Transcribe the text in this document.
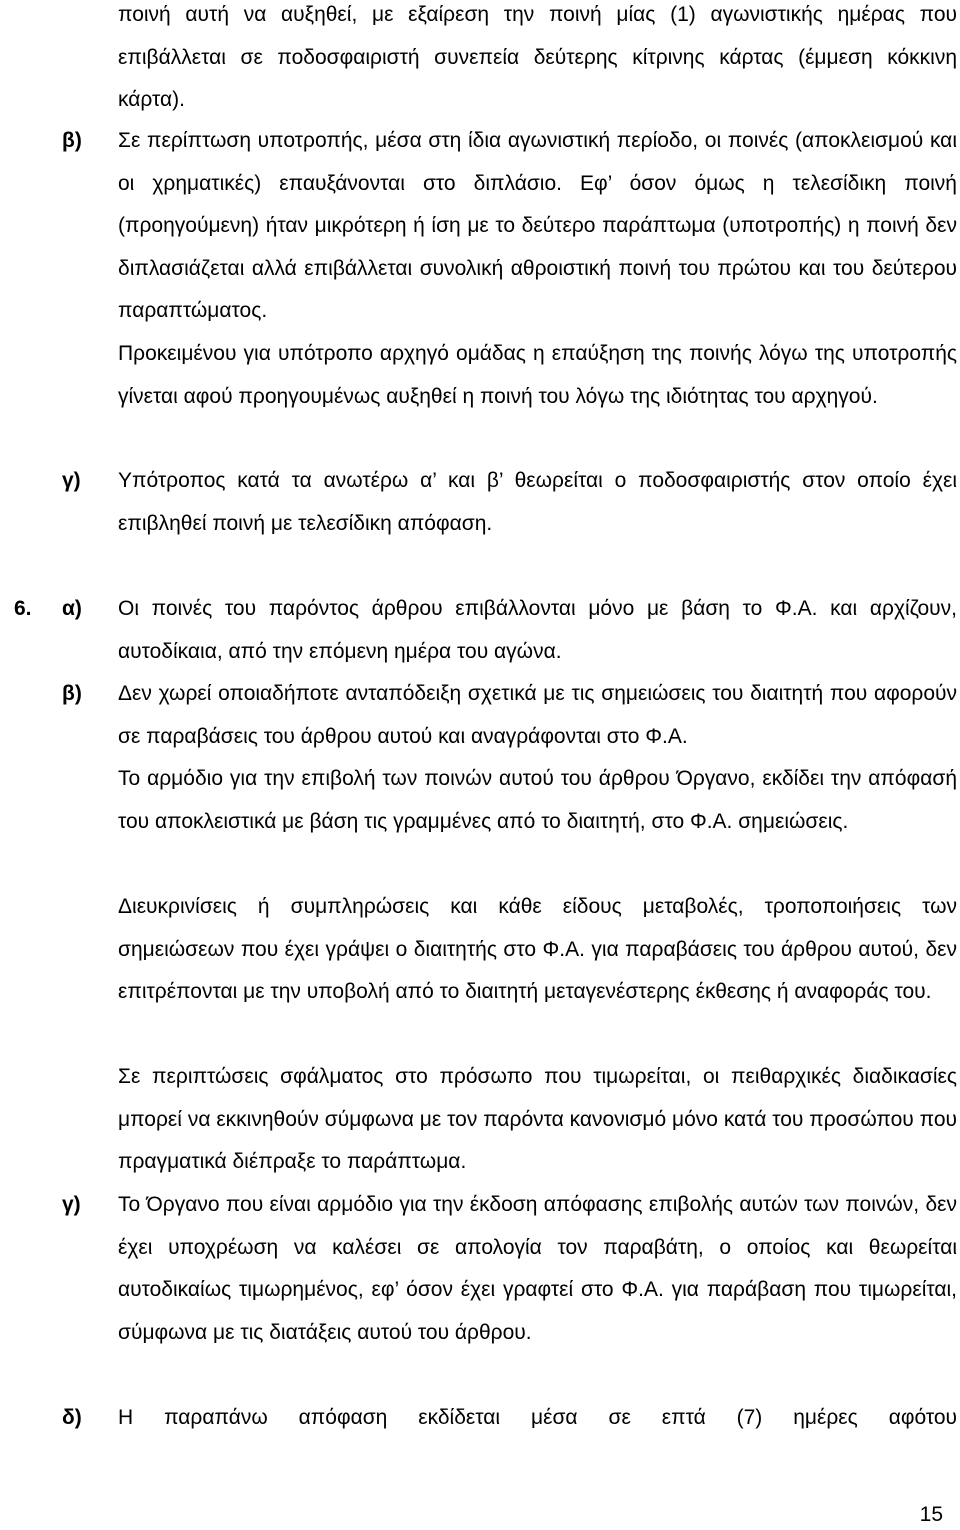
ποινή αυτή να αυξηθεί, με εξαίρεση την ποινή μίας (1) αγωνιστικής ημέρας που επιβάλλεται σε ποδοσφαιριστή συνεπεία δεύτερης κίτρινης κάρτας (έμμεση κόκκινη κάρτα).
β) Σε περίπτωση υποτροπής, μέσα στη ίδια αγωνιστική περίοδο, οι ποινές (αποκλεισμού και οι χρηματικές) επαυξάνονται στο διπλάσιο. Εφ’ όσον όμως η τελεσίδικη ποινή (προηγούμενη) ήταν μικρότερη ή ίση με το δεύτερο παράπτωμα (υποτροπής) η ποινή δεν διπλασιάζεται αλλά επιβάλλεται συνολική αθροιστική ποινή του πρώτου και του δεύτερου παραπτώματος.
Προκειμένου για υπότροπο αρχηγό ομάδας η επαύξηση της ποινής λόγω της υποτροπής γίνεται αφού προηγουμένως αυξηθεί η ποινή του λόγω της ιδιότητας του αρχηγού.
γ) Υπότροπος κατά τα ανωτέρω α’ και β’ θεωρείται ο ποδοσφαιριστής στον οποίο έχει επιβληθεί ποινή με τελεσίδικη απόφαση.
6. α) Οι ποινές του παρόντος άρθρου επιβάλλονται μόνο με βάση το Φ.Α. και αρχίζουν, αυτοδίκαια, από την επόμενη ημέρα του αγώνα.
β) Δεν χωρεί οποιαδήποτε ανταπόδειξη σχετικά με τις σημειώσεις του διαιτητή που αφορούν σε παραβάσεις του άρθρου αυτού και αναγράφονται στο Φ.Α.
Το αρμόδιο για την επιβολή των ποινών αυτού του άρθρου Όργανο, εκδίδει την απόφασή του αποκλειστικά με βάση τις γραμμένες από το διαιτητή, στο Φ.Α. σημειώσεις.
Διευκρινίσεις ή συμπληρώσεις και κάθε είδους μεταβολές, τροποποιήσεις των σημειώσεων που έχει γράψει ο διαιτητής στο Φ.Α. για παραβάσεις του άρθρου αυτού, δεν επιτρέπονται με την υποβολή από το διαιτητή μεταγενέστερης έκθεσης ή αναφοράς του.
Σε περιπτώσεις σφάλματος στο πρόσωπο που τιμωρείται, οι πειθαρχικές διαδικασίες μπορεί να εκκινηθούν σύμφωνα με τον παρόντα κανονισμό μόνο κατά του προσώπου που πραγματικά διέπραξε το παράπτωμα.
γ) Το Όργανο που είναι αρμόδιο για την έκδοση απόφασης επιβολής αυτών των ποινών, δεν έχει υποχρέωση να καλέσει σε απολογία τον παραβάτη, ο οποίος και θεωρείται αυτοδικαίως τιμωρημένος, εφ’ όσον έχει γραφτεί στο Φ.Α. για παράβαση που τιμωρείται, σύμφωνα με τις διατάξεις αυτού του άρθρου.
δ) Η παραπάνω απόφαση εκδίδεται μέσα σε επτά (7) ημέρες αφότου
15
